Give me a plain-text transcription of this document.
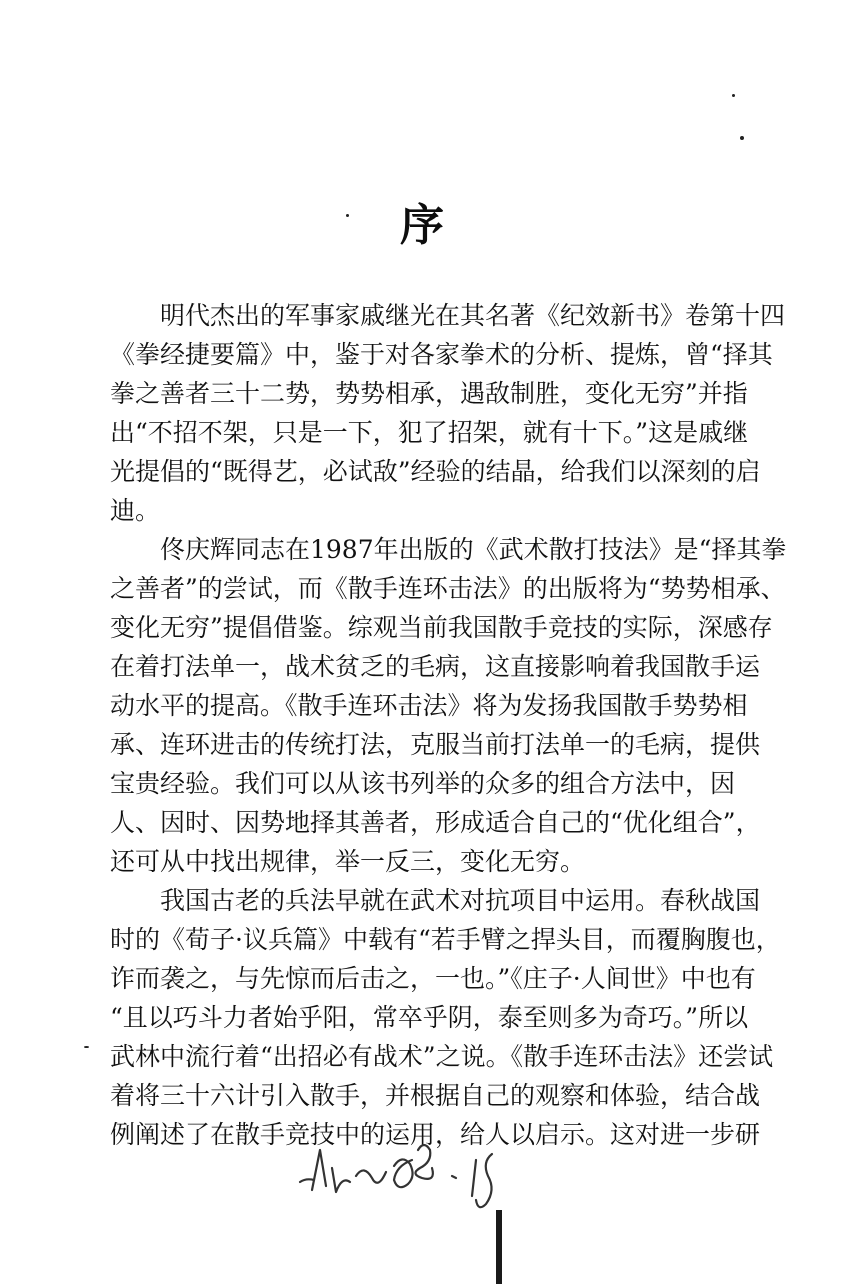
序
明代杰出的军事家戚继光在其名著《纪效新书》卷第十四
《拳经捷要篇》中，鉴于对各家拳术的分析、提炼，曾“择其
拳之善者三十二势，势势相承，遇敌制胜，变化无穷”并指
出“不招不架，只是一下，犯了招架，就有十下。”这是戚继
光提倡的“既得艺，必试敌”经验的结晶，给我们以深刻的启
迪。
佟庆辉同志在1987年出版的《武术散打技法》是“择其拳
之善者”的尝试，而《散手连环击法》的出版将为“势势相承、
变化无穷”提倡借鉴。综观当前我国散手竞技的实际，深感存
在着打法单一，战术贫乏的毛病，这直接影响着我国散手运
动水平的提高。《散手连环击法》将为发扬我国散手势势相
承、连环进击的传统打法，克服当前打法单一的毛病，提供
宝贵经验。我们可以从该书列举的众多的组合方法中，因
人、因时、因势地择其善者，形成适合自己的“优化组合”，
还可从中找出规律，举一反三，变化无穷。
我国古老的兵法早就在武术对抗项目中运用。春秋战国
时的《荀子·议兵篇》中载有“若手臂之捍头目，而覆胸腹也，
诈而袭之，与先惊而后击之，一也。”《庄子·人间世》中也有
“且以巧斗力者始乎阳，常卒乎阴，泰至则多为奇巧。”所以
武林中流行着“出招必有战术”之说。《散手连环击法》还尝试
着将三十六计引入散手，并根据自己的观察和体验，结合战
例阐述了在散手竞技中的运用，给人以启示。这对进一步研
